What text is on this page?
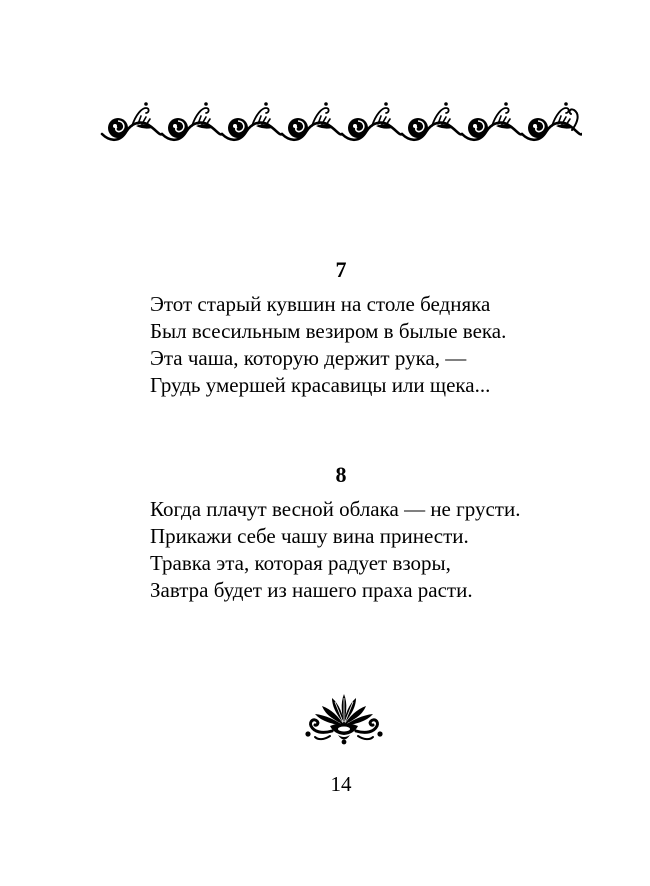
7
Этот старый кувшин на столе бедняка
Был всесильным везиром в былые века.
Эта чаша, которую держит рука, —
Грудь умершей красавицы или щека...
8
Когда плачут весной облака — не грусти.
Прикажи себе чашу вина принести.
Травка эта, которая радует взоры,
Завтра будет из нашего праха расти.
14
